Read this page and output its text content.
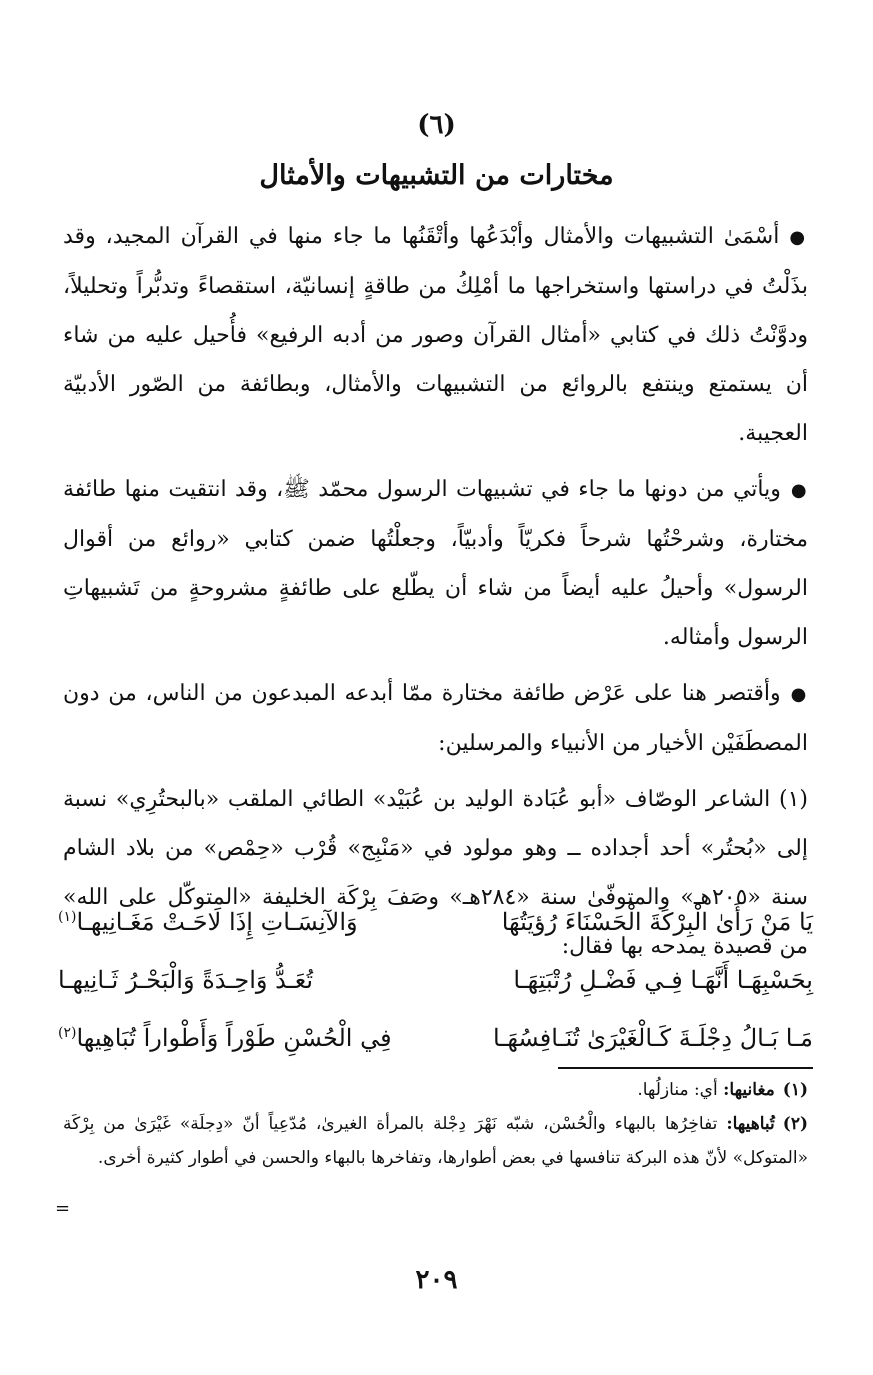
(٦)
مختارات من التشبيهات والأمثال

●أسْمَىٰ التشبيهات والأمثال وأبْدَعُها وأتْقَنُها ما جاء منها في القرآن المجيد، وقد بذَلْتُ في دراستها واستخراجها ما أمْلِكُ من طاقةٍ إنسانيّة، استقصاءً وتدبُّراً وتحليلاً، ودوَّنْتُ ذلك في كتابي «أمثال القرآن وصور من أدبه الرفيع» فأُحيل عليه من شاء أن يستمتع وينتفع بالروائع من التشبيهات والأمثال، وبطائفة من الصّور الأدبيّة العجيبة.

●ويأتي من دونها ما جاء في تشبيهات الرسول محمّد ﷺ، وقد انتقيت منها طائفة مختارة، وشرحْتُها شرحاً فكريّاً وأدبيّاً، وجعلْتُها ضمن كتابي «روائع من أقوال الرسول» وأحيلُ عليه أيضاً من شاء أن يطّلع على طائفةٍ مشروحةٍ من تَشبيهاتِ الرسول وأمثاله.

●وأقتصر هنا على عَرْض طائفة مختارة ممّا أبدعه المبدعون من الناس، من دون المصطَفَيْن الأخيار من الأنبياء والمرسلين:

(١) الشاعر الوصّاف «أبو عُبَادة الوليد بن عُبَيْد» الطائي الملقب «بالبحتُرِي» نسبة إلى «بُحتُر» أحد أجداده ــ وهو مولود في «مَنْبِج» قُرْب «حِمْص» من بلاد الشام سنة «٢٠٥هـ» والمتوفّىٰ سنة «٢٨٤هـ» وصَفَ بِرْكَة الخليفة «المتوكّل على الله» من قصيدة يمدحه بها فقال:

يَا مَنْ رَأَىٰ الْبِرْكَةَ الْحَسْنَاءَ رُؤيَتُهَا
وَالآنِسَـاتِ إِذَا لَاحَـتْ مَغَـانِيهـا$^{(١)}$
بِحَسْبِهَـا أَنَّهَـا فِـي فَضْـلِ رُتْبَتِهَـا
تُعَـدُّ وَاحِـدَةً وَالْبَحْـرُ ثَـانِيهـا
مَـا بَـالُ دِجْلَـةَ كَـالْغَيْرَىٰ تُنَـافِسُهَـا
فِي الْحُسْنِ طَوْراً وَأَطْواراً تُبَاهِيها$^{(٢)}$

(١)مغانيها: أي: منازلُها.

(٢)تُباهيها: تفاخِرُها بالبهاء والْحُسْن، شبّه نَهْرَ دِجْلة بالمرأة الغيرىٰ، مُدّعِياً أنّ «دِجلَة» غَيْرَىٰ من بِرْكَة «المتوكل» لأنّ هذه البركة تنافسها في بعض أطوارها، وتفاخرها بالبهاء والحسن في أطوار كثيرة أخرى.

=
٢٠٩
